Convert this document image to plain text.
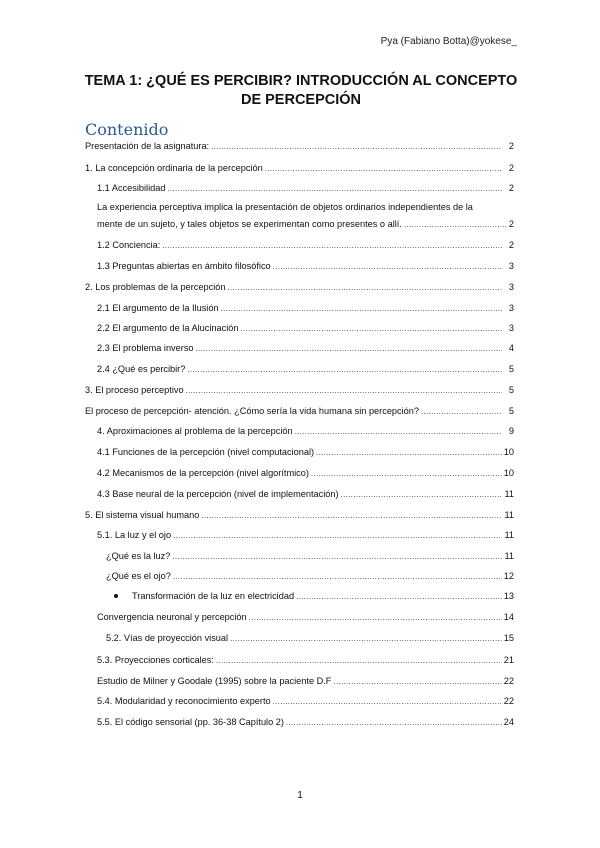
Pya (Fabiano Botta)@yokese_
TEMA 1: ¿QUÉ ES PERCIBIR? INTRODUCCIÓN AL CONCEPTO
DE PERCEPCIÓN
Contenido
Presentación de la asignatura: .....	2
1. La concepción ordinaria de la percepción .....	2
1.1 Accesibilidad .....	2
La experiencia perceptiva implica la presentación de objetos ordinarios independientes de la
mente de un sujeto, y tales objetos se experimentan como presentes o allí. .....	2
1.2 Conciencia: .....	2
1.3 Preguntas abiertas en ámbito filosófico .....	3
2. Los problemas de la percepción .....	3
2.1 El argumento de la Ilusión .....	3
2.2 El argumento de la Alucinación .....	3
2.3 El problema inverso .....	4
2.4 ¿Qué es percibir? .....	5
3. El proceso perceptivo .....	5
El proceso de percepción- atención. ¿Cómo sería la vida humana sin percepción? .....	5
4. Aproximaciones al problema de la percepción .....	9
4.1 Funciones de la percepción (nivel computacional) .....	10
4.2 Mecanismos de la percepción (nivel algorítmico) .....	10
4.3 Base neural de la percepción (nivel de implementación) .....	11
5. El sistema visual humano .....	11
5.1. La luz y el ojo .....	11
¿Qué es la luz? .....	11
¿Qué es el ojo? .....	12
Transformación de la luz en electricidad .....	13
Convergencia neuronal y percepción .....	14
5.2. Vías de proyección visual .....	15
5.3. Proyecciones corticales: .....	21
Estudio de Milner y Goodale (1995) sobre la paciente D.F .....	22
5.4. Modularidad y reconocimiento experto .....	22
5.5. El código sensorial (pp. 36-38 Capítulo 2) .....	24
1
